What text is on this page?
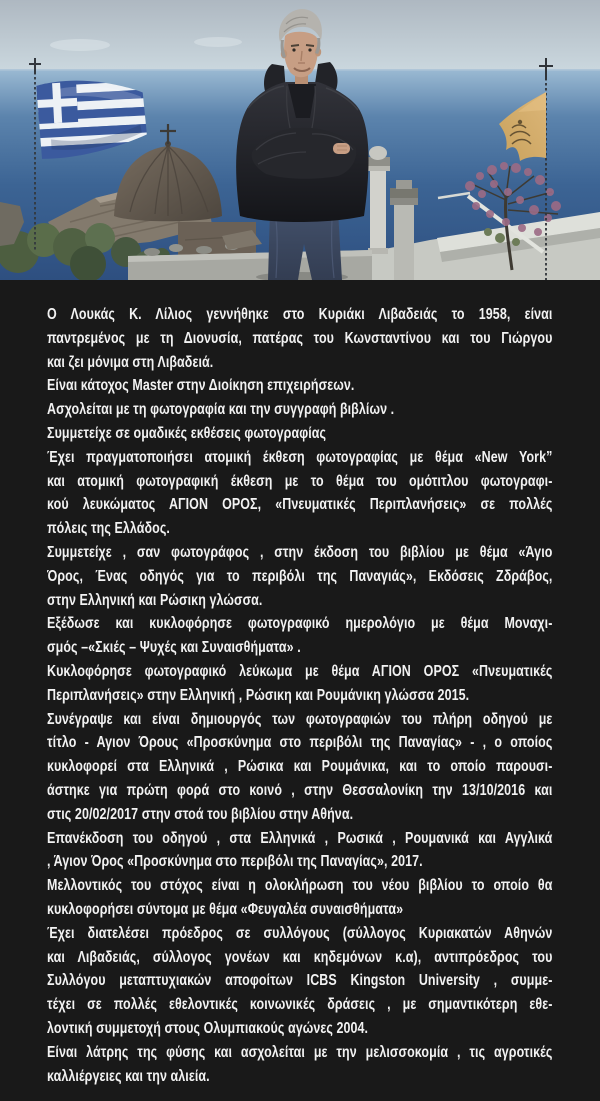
Ο Λουκάς Κ. Λίλιος γεννήθηκε στο Κυριάκι Λιβαδειάς το 1958, είναι
παντρεμένος με τη Διονυσία, πατέρας του Κωνσταντίνου και του Γιώργου
και ζει μόνιμα στη Λιβαδειά.
Είναι κάτοχος Master στην Διοίκηση επιχειρήσεων.
Ασχολείται με τη φωτογραφία και την συγγραφή βιβλίων .
Συμμετείχε σε ομαδικές εκθέσεις φωτογραφίας
Έχει πραγματοποιήσει ατομική έκθεση φωτογραφίας με θέμα «New York”
και ατομική φωτογραφική έκθεση με το θέμα του ομότιτλου φωτογραφι-
κού λευκώματος ΑΓΙΟΝ ΟΡΟΣ, «Πνευματικές Περιπλανήσεις» σε πολλές
πόλεις της Ελλάδος.
Συμμετείχε , σαν φωτογράφος , στην έκδοση του βιβλίου με θέμα «Άγιο
Όρος, Ένας οδηγός για το περιβόλι της Παναγιάς», Εκδόσεις Ζδράβος,
στην Ελληνική και Ρώσικη γλώσσα.
Εξέδωσε και κυκλοφόρησε φωτογραφικό ημερολόγιο με θέμα Μοναχι-
σμός –«Σκιές – Ψυχές και Συναισθήματα» .
Κυκλοφόρησε φωτογραφικό λεύκωμα με θέμα ΑΓΙΟΝ ΟΡΟΣ «Πνευματικές
Περιπλανήσεις» στην Ελληνική , Ρώσικη και Ρουμάνικη γλώσσα 2015.
Συνέγραψε και είναι δημιουργός των φωτογραφιών του πλήρη οδηγού με
τίτλο - Αγιον Όρους «Προσκύνημα στο περιβόλι της Παναγίας» - , ο οποίος
κυκλοφορεί στα Ελληνικά , Ρώσικα και Ρουμάνικα, και το οποίο παρουσι-
άστηκε για πρώτη φορά στο κοινό , στην Θεσσαλονίκη την 13/10/2016 και
στις 20/02/2017 στην στοά του βιβλίου στην Αθήνα.
Επανέκδοση του οδηγού , στα Ελληνικά , Ρωσικά , Ρουμανικά και Αγγλικά
, Άγιον Όρος «Προσκύνημα στο περιβόλι της Παναγίας», 2017.
Μελλοντικός του στόχος είναι η ολοκλήρωση του νέου βιβλίου το οποίο θα
κυκλοφορήσει σύντομα με θέμα «Φευγαλέα συναισθήματα»
Έχει διατελέσει πρόεδρος σε συλλόγους (σύλλογος Κυριακατών Αθηνών
και Λιβαδειάς, σύλλογος γονέων και κηδεμόνων κ.α), αντιπρόεδρος του
Συλλόγου μεταπτυχιακών αποφοίτων ICBS Kingston University , συμμε-
τέχει σε πολλές εθελοντικές κοινωνικές δράσεις , με σημαντικότερη εθε-
λοντική συμμετοχή στους Ολυμπιακούς αγώνες 2004.
Είναι λάτρης της φύσης και ασχολείται με την μελισσοκομία , τις αγροτικές
καλλιέργειες και την αλιεία.
